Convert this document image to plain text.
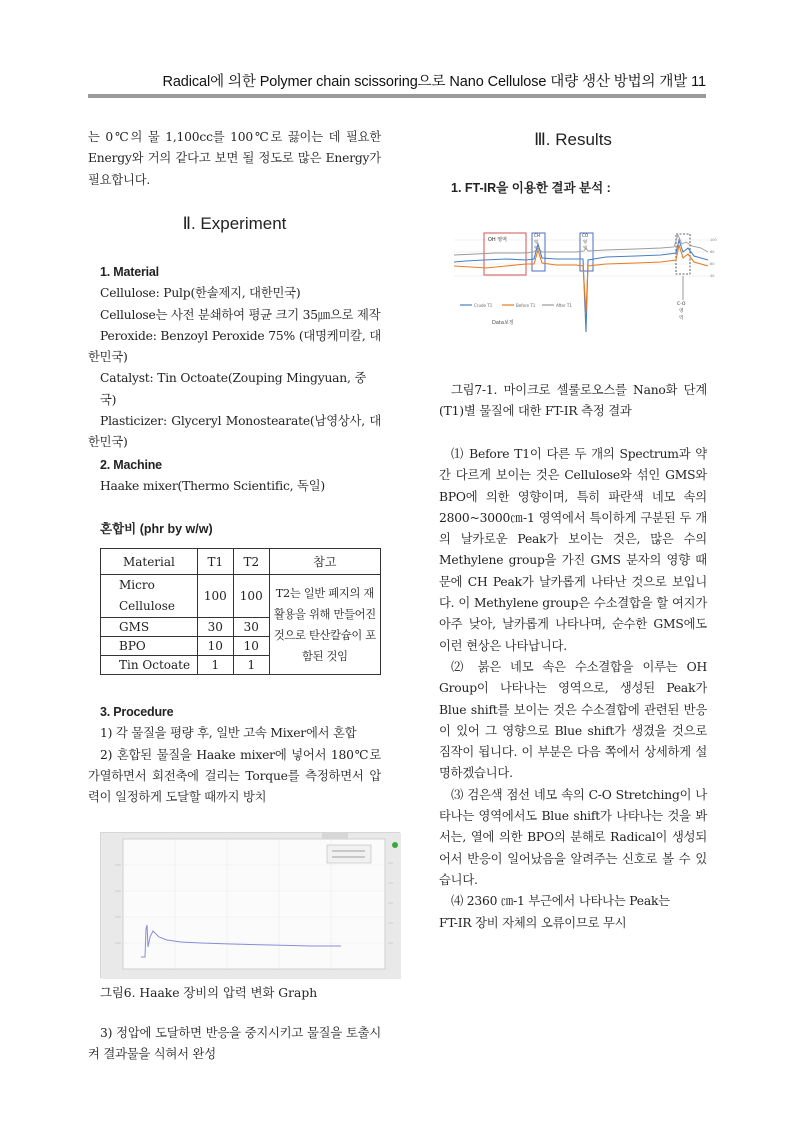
Radical에 의한 Polymer chain scissoring으로 Nano Cellulose 대량 생산 방법의 개발 11

는 0℃의 물 1,100cc를 100℃로 끓이는 데 필요한 Energy와 거의 같다고 보면 될 정도로 많은 Energy가 필요합니다.

Ⅱ. Experiment
1. Material

Cellulose: Pulp(한솔제지, 대한민국)

Cellulose는 사전 분쇄하여 평균 크기 35㎛으로 제작

Peroxide: Benzoyl Peroxide 75% (대명케미칼, 대한민국)

Catalyst: Tin Octoate(Zouping Mingyuan, 중국)

Plasticizer: Glyceryl Monostearate(남영상사, 대한민국)

2. Machine

Haake mixer(Thermo Scientific, 독일)

혼합비 (phr by w/w)
Material	T1	T2	참고
Micro Cellulose	100	100	T2는 일반 폐지의 재활용을 위해 만들어진 것으로 탄산칼슘이 포함된 것임
GMS	30	30	
BPO	10	10	
Tin Octoate	1	1	
3. Procedure

1) 각 물질을 평량 후, 일반 고속 Mixer에서 혼합

2) 혼합된 물질을 Haake mixer에 넣어서 180℃로 가열하면서 회전축에 걸리는 Torque를 측정하면서 압력이 일정하게 도달할 때까지 방치

그림6. Haake 장비의 압력 변화 Graph

3) 정압에 도달하면 반응을 중지시키고 물질을 토출시켜 결과물을 식혀서 완성

Ⅲ. Results
1. FT-IR을 이용한 결과 분석 :
100
80
60
40
OH 영역
CH
영
역
CO
영
역
Crude T1	Before T1	After T1
Data보정
C-O
영
역

그림7-1. 마이크로 셀룰로오스를 Nano화 단계(T1)별 물질에 대한 FT-IR 측정 결과

⑴ Before T1이 다른 두 개의 Spectrum과 약간 다르게 보이는 것은 Cellulose와 섞인 GMS와 BPO에 의한 영향이며, 특히 파란색 네모 속의 2800~3000㎝-1 영역에서 특이하게 구분된 두 개의 날카로운 Peak가 보이는 것은, 많은 수의 Methylene group을 가진 GMS 분자의 영향 때문에 CH Peak가 날카롭게 나타난 것으로 보입니다. 이 Methylene group은 수소결합을 할 여지가 아주 낮아, 날카롭게 나타나며, 순수한 GMS에도 이런 현상은 나타납니다.

⑵ 붉은 네모 속은 수소결합을 이루는 OH Group이 나타나는 영역으로, 생성된 Peak가 Blue shift를 보이는 것은 수소결합에 관련된 반응이 있어 그 영향으로 Blue shift가 생겼을 것으로 짐작이 됩니다. 이 부분은 다음 쪽에서 상세하게 설명하겠습니다.

⑶ 검은색 점선 네모 속의 C-O Stretching이 나타나는 영역에서도 Blue shift가 나타나는 것을 봐서는, 열에 의한 BPO의 분해로 Radical이 생성되어서 반응이 일어났음을 알려주는 신호로 볼 수 있습니다.

⑷ 2360 ㎝-1 부근에서 나타나는 Peak는

FT-IR 장비 자체의 오류이므로 무시
